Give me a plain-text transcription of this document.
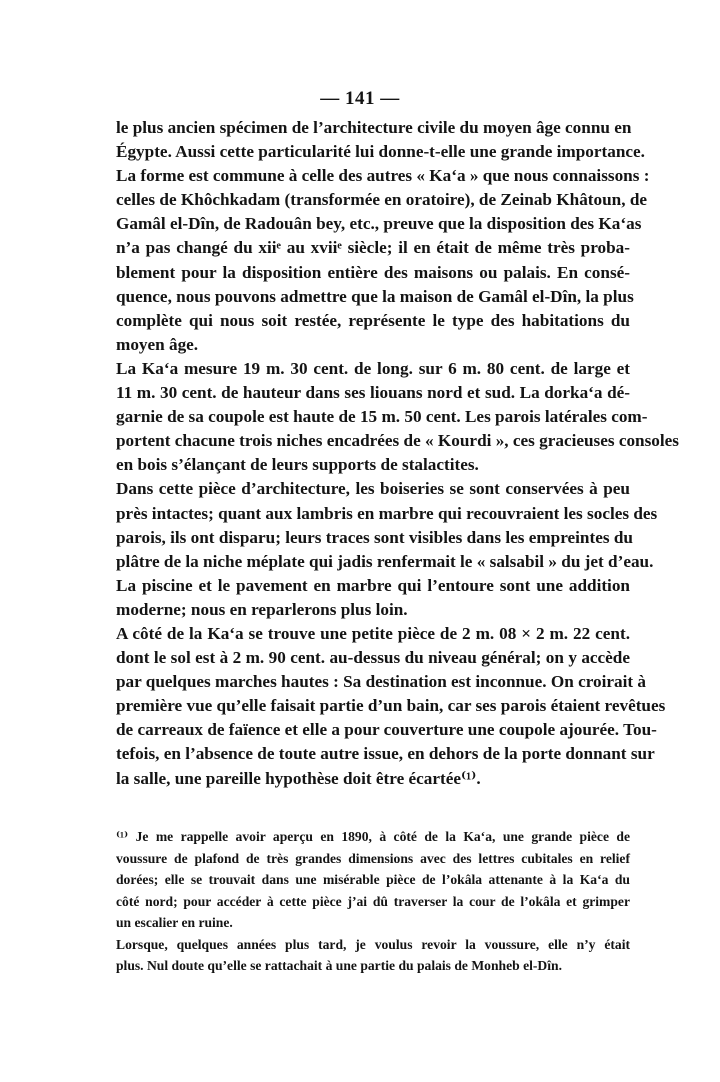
— 141 —
le plus ancien spécimen de l’architecture civile du moyen âge connu en
Égypte. Aussi cette particularité lui donne-t-elle une grande importance.
La forme est commune à celle des autres « Ka‘a » que nous connaissons :
celles de Khôchkadam (transformée en oratoire), de Zeinab Khâtoun, de
Gamâl el-Dîn, de Radouân bey, etc., preuve que la disposition des Ka‘as
n’a pas changé du xiiᵉ au xviiᵉ siècle; il en était de même très proba-
blement pour la disposition entière des maisons ou palais. En consé-
quence, nous pouvons admettre que la maison de Gamâl el-Dîn, la plus
complète qui nous soit restée, représente le type des habitations du
moyen âge.
La Ka‘a mesure 19 m. 30 cent. de long. sur 6 m. 80 cent. de large et
11 m. 30 cent. de hauteur dans ses liouans nord et sud. La dorka‘a dé-
garnie de sa coupole est haute de 15 m. 50 cent. Les parois latérales com-
portent chacune trois niches encadrées de « Kourdi », ces gracieuses consoles
en bois s’élançant de leurs supports de stalactites.
Dans cette pièce d’architecture, les boiseries se sont conservées à peu
près intactes; quant aux lambris en marbre qui recouvraient les socles des
parois, ils ont disparu; leurs traces sont visibles dans les empreintes du
plâtre de la niche méplate qui jadis renfermait le « salsabil » du jet d’eau.
La piscine et le pavement en marbre qui l’entoure sont une addition
moderne; nous en reparlerons plus loin.
A côté de la Ka‘a se trouve une petite pièce de 2 m. 08 × 2 m. 22 cent.
dont le sol est à 2 m. 90 cent. au-dessus du niveau général; on y accède
par quelques marches hautes : Sa destination est inconnue. On croirait à
première vue qu’elle faisait partie d’un bain, car ses parois étaient revêtues
de carreaux de faïence et elle a pour couverture une coupole ajourée. Tou-
tefois, en l’absence de toute autre issue, en dehors de la porte donnant sur
la salle, une pareille hypothèse doit être écartée⁽¹⁾.
⁽¹⁾ Je me rappelle avoir aperçu en 1890, à côté de la Ka‘a, une grande pièce de
voussure de plafond de très grandes dimensions avec des lettres cubitales en relief
dorées; elle se trouvait dans une misérable pièce de l’okâla attenante à la Ka‘a du
côté nord; pour accéder à cette pièce j’ai dû traverser la cour de l’okâla et grimper
un escalier en ruine.
Lorsque, quelques années plus tard, je voulus revoir la voussure, elle n’y était
plus. Nul doute qu’elle se rattachait à une partie du palais de Monheb el-Dîn.
